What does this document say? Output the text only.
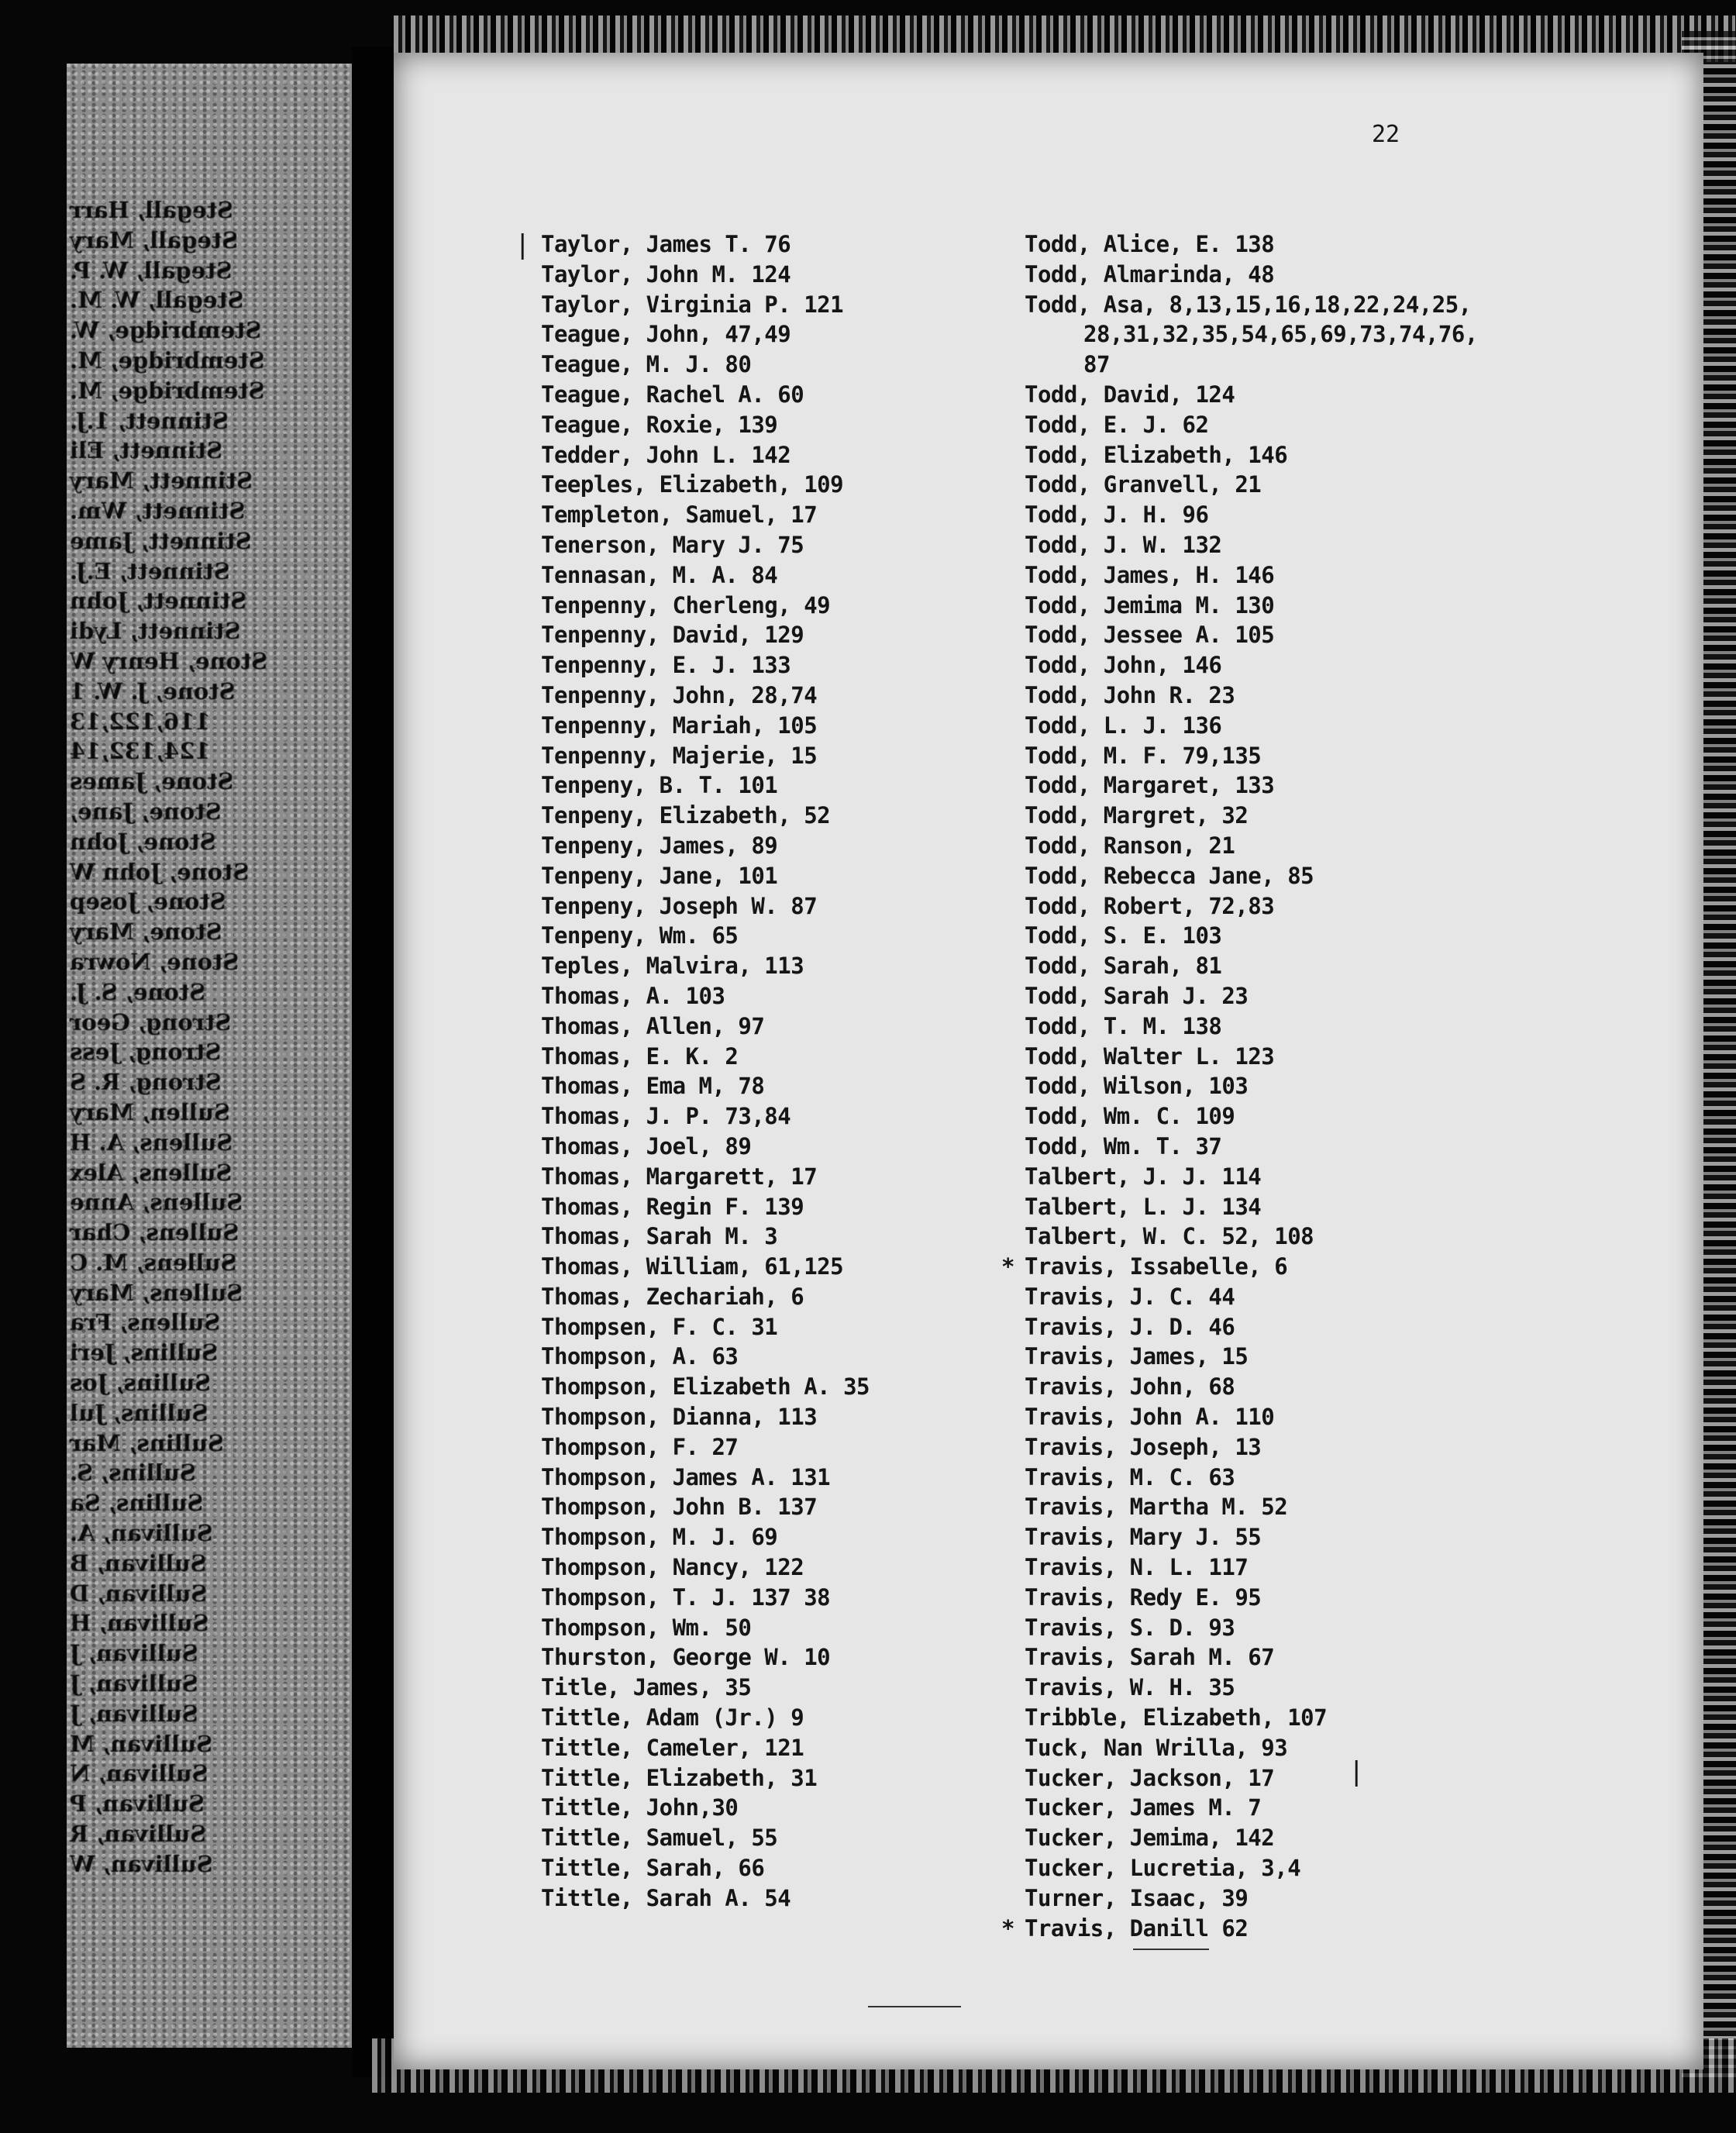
Stegall, Harr
Stegall, Mary
Stegall, W. P.
Stegall, W. M.
Stembridge, W.
Stembridge, M.
Stembridge, M.
Stinnett, 1.J.
Stinnett, Eli
Stinnett, Mary
Stinnett, Wm.
Stinnett, Jame
Stinnett, E.J.
Stinnett, John
Stinnett, Lydi
Stone, Henry W
Stone, J. W. 1
116,122,13
124,132,14
Stone, James
Stone, Jane,
Stone, John
Stone, John W
Stone, Josep
Stone, Mary
Stone, Nowra
Stone, S. J.
Strong, Geor
Strong, Jess
Strong, R. S
Sullen, Mary
Sullens, A. H
Sullens, Alex
Sullens, Anne
Sullens, Char
Sullens, M. C
Sullens, Mary
Sullens, Fra
Sullins, Jeri
Sullins, Jos
Sullins, Jul
Sullins, Mar
Sullins, S.
Sullins, Sa
Sullivan, A.
Sullivan, B
Sullivan, D
Sullivan, H
Sullivan, J
Sullivan, J
Sullivan, J
Sullivan, M
Sullivan, N
Sullivan, P
Sullivan, R
Sullivan, W
22
|
|
Taylor, James T. 76
Taylor, John M. 124
Taylor, Virginia P. 121
Teague, John, 47,49
Teague, M. J. 80
Teague, Rachel A. 60
Teague, Roxie, 139
Tedder, John L. 142
Teeples, Elizabeth, 109
Templeton, Samuel, 17
Tenerson, Mary J. 75
Tennasan, M. A. 84
Tenpenny, Cherleng, 49
Tenpenny, David, 129
Tenpenny, E. J. 133
Tenpenny, John, 28,74
Tenpenny, Mariah, 105
Tenpenny, Majerie, 15
Tenpeny, B. T. 101
Tenpeny, Elizabeth, 52
Tenpeny, James, 89
Tenpeny, Jane, 101
Tenpeny, Joseph W. 87
Tenpeny, Wm. 65
Teples, Malvira, 113
Thomas, A. 103
Thomas, Allen, 97
Thomas, E. K. 2
Thomas, Ema M, 78
Thomas, J. P. 73,84
Thomas, Joel, 89
Thomas, Margarett, 17
Thomas, Regin F. 139
Thomas, Sarah M. 3
Thomas, William, 61,125
Thomas, Zechariah, 6
Thompsen, F. C. 31
Thompson, A. 63
Thompson, Elizabeth A. 35
Thompson, Dianna, 113
Thompson, F. 27
Thompson, James A. 131
Thompson, John B. 137
Thompson, M. J. 69
Thompson, Nancy, 122
Thompson, T. J. 137 38
Thompson, Wm. 50
Thurston, George W. 10
Title, James, 35
Tittle, Adam (Jr.) 9
Tittle, Cameler, 121
Tittle, Elizabeth, 31
Tittle, John,30
Tittle, Samuel, 55
Tittle, Sarah, 66
Tittle, Sarah A. 54
Todd, Alice, E. 138
Todd, Almarinda, 48
Todd, Asa, 8,13,15,16,18,22,24,25,
28,31,32,35,54,65,69,73,74,76,
87
Todd, David, 124
Todd, E. J. 62
Todd, Elizabeth, 146
Todd, Granvell, 21
Todd, J. H. 96
Todd, J. W. 132
Todd, James, H. 146
Todd, Jemima M. 130
Todd, Jessee A. 105
Todd, John, 146
Todd, John R. 23
Todd, L. J. 136
Todd, M. F. 79,135
Todd, Margaret, 133
Todd, Margret, 32
Todd, Ranson, 21
Todd, Rebecca Jane, 85
Todd, Robert, 72,83
Todd, S. E. 103
Todd, Sarah, 81
Todd, Sarah J. 23
Todd, T. M. 138
Todd, Walter L. 123
Todd, Wilson, 103
Todd, Wm. C. 109
Todd, Wm. T. 37
Talbert, J. J. 114
Talbert, L. J. 134
Talbert, W. C. 52, 108
* Travis, Issabelle, 6
Travis, J. C. 44
Travis, J. D. 46
Travis, James, 15
Travis, John, 68
Travis, John A. 110
Travis, Joseph, 13
Travis, M. C. 63
Travis, Martha M. 52
Travis, Mary J. 55
Travis, N. L. 117
Travis, Redy E. 95
Travis, S. D. 93
Travis, Sarah M. 67
Travis, W. H. 35
Tribble, Elizabeth, 107
Tuck, Nan Wrilla, 93
Tucker, Jackson, 17
Tucker, James M. 7
Tucker, Jemima, 142
Tucker, Lucretia, 3,4
Turner, Isaac, 39
* Travis, Danill 62
